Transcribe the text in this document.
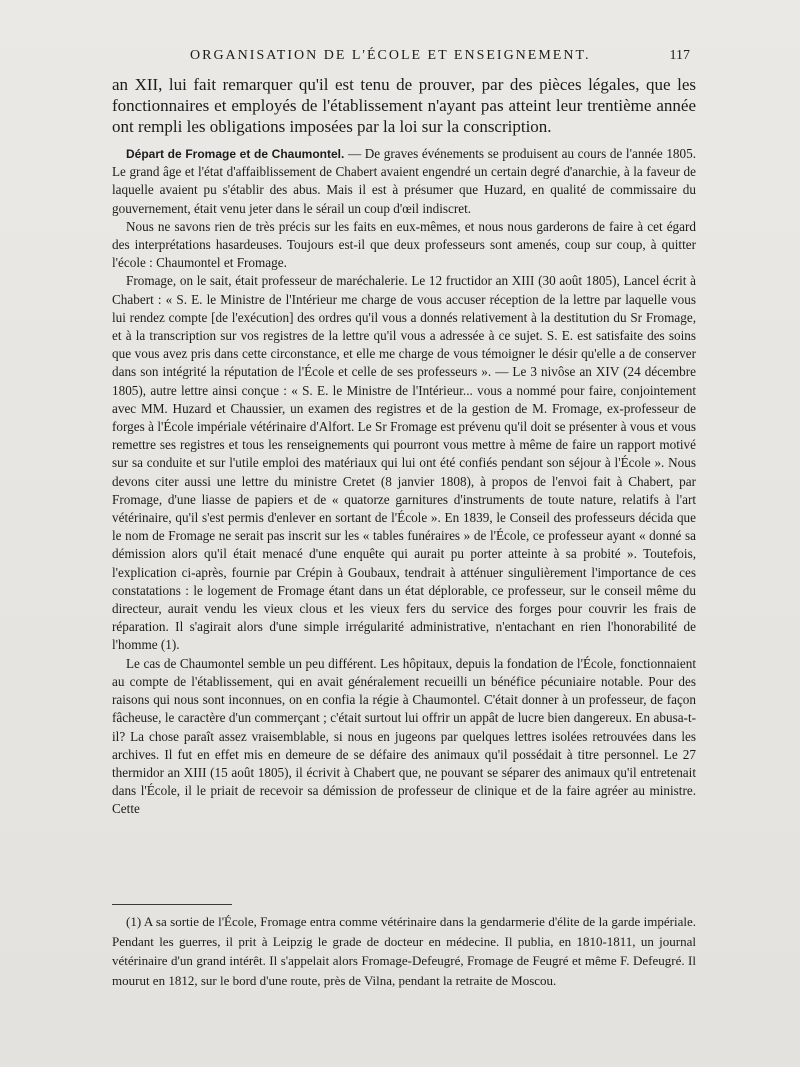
ORGANISATION DE L'ÉCOLE ET ENSEIGNEMENT.	117

an XII, lui fait remarquer qu'il est tenu de prouver, par des pièces légales, que les fonctionnaires et employés de l'établissement n'ayant pas atteint leur trentième année ont rempli les obligations imposées par la loi sur la conscription.

Départ de Fromage et de Chaumontel. — De graves événements se produisent au cours de l'année 1805. Le grand âge et l'état d'affaiblissement de Chabert avaient engendré un certain degré d'anarchie, à la faveur de laquelle avaient pu s'établir des abus. Mais il est à présumer que Huzard, en qualité de commissaire du gouvernement, était venu jeter dans le sérail un coup d'œil indiscret.

Nous ne savons rien de très précis sur les faits en eux-mêmes, et nous nous garderons de faire à cet égard des interprétations hasardeuses. Toujours est-il que deux professeurs sont amenés, coup sur coup, à quitter l'école : Chaumontel et Fromage.

Fromage, on le sait, était professeur de maréchalerie. Le 12 fructidor an XIII (30 août 1805), Lancel écrit à Chabert : « S. E. le Ministre de l'Intérieur me charge de vous accuser réception de la lettre par laquelle vous lui rendez compte [de l'exécution] des ordres qu'il vous a donnés relativement à la destitution du Sr Fromage, et à la transcription sur vos registres de la lettre qu'il vous a adressée à ce sujet. S. E. est satisfaite des soins que vous avez pris dans cette circonstance, et elle me charge de vous témoigner le désir qu'elle a de conserver dans son intégrité la réputation de l'École et celle de ses professeurs ». — Le 3 nivôse an XIV (24 décembre 1805), autre lettre ainsi conçue : « S. E. le Ministre de l'Intérieur... vous a nommé pour faire, conjointement avec MM. Huzard et Chaussier, un examen des registres et de la gestion de M. Fromage, ex-professeur de forges à l'École impériale vétérinaire d'Alfort. Le Sr Fromage est prévenu qu'il doit se présenter à vous et vous remettre ses registres et tous les renseignements qui pourront vous mettre à même de faire un rapport motivé sur sa conduite et sur l'utile emploi des matériaux qui lui ont été confiés pendant son séjour à l'École ». Nous devons citer aussi une lettre du ministre Cretet (8 janvier 1808), à propos de l'envoi fait à Chabert, par Fromage, d'une liasse de papiers et de « quatorze garnitures d'instruments de toute nature, relatifs à l'art vétérinaire, qu'il s'est permis d'enlever en sortant de l'École ». En 1839, le Conseil des professeurs décida que le nom de Fromage ne serait pas inscrit sur les « tables funéraires » de l'École, ce professeur ayant « donné sa démission alors qu'il était menacé d'une enquête qui aurait pu porter atteinte à sa probité ». Toutefois, l'explication ci-après, fournie par Crépin à Goubaux, tendrait à atténuer singulièrement l'importance de ces constatations : le logement de Fromage étant dans un état déplorable, ce professeur, sur le conseil même du directeur, aurait vendu les vieux clous et les vieux fers du service des forges pour couvrir les frais de réparation. Il s'agirait alors d'une simple irrégularité administrative, n'entachant en rien l'honorabilité de l'homme (1).

Le cas de Chaumontel semble un peu différent. Les hôpitaux, depuis la fondation de l'École, fonctionnaient au compte de l'établissement, qui en avait généralement recueilli un bénéfice pécuniaire notable. Pour des raisons qui nous sont inconnues, on en confia la régie à Chaumontel. C'était donner à un professeur, de façon fâcheuse, le caractère d'un commerçant ; c'était surtout lui offrir un appât de lucre bien dangereux. En abusa-t-il? La chose paraît assez vraisemblable, si nous en jugeons par quelques lettres isolées retrouvées dans les archives. Il fut en effet mis en demeure de se défaire des animaux qu'il possédait à titre personnel. Le 27 thermidor an XIII (15 août 1805), il écrivit à Chabert que, ne pouvant se séparer des animaux qu'il entretenait dans l'École, il le priait de recevoir sa démission de professeur de clinique et de la faire agréer au ministre. Cette

(1) A sa sortie de l'École, Fromage entra comme vétérinaire dans la gendarmerie d'élite de la garde impériale. Pendant les guerres, il prit à Leipzig le grade de docteur en médecine. Il publia, en 1810-1811, un journal vétérinaire d'un grand intérêt. Il s'appelait alors Fromage-Defeugré, Fromage de Feugré et même F. Defeugré. Il mourut en 1812, sur le bord d'une route, près de Vilna, pendant la retraite de Moscou.
